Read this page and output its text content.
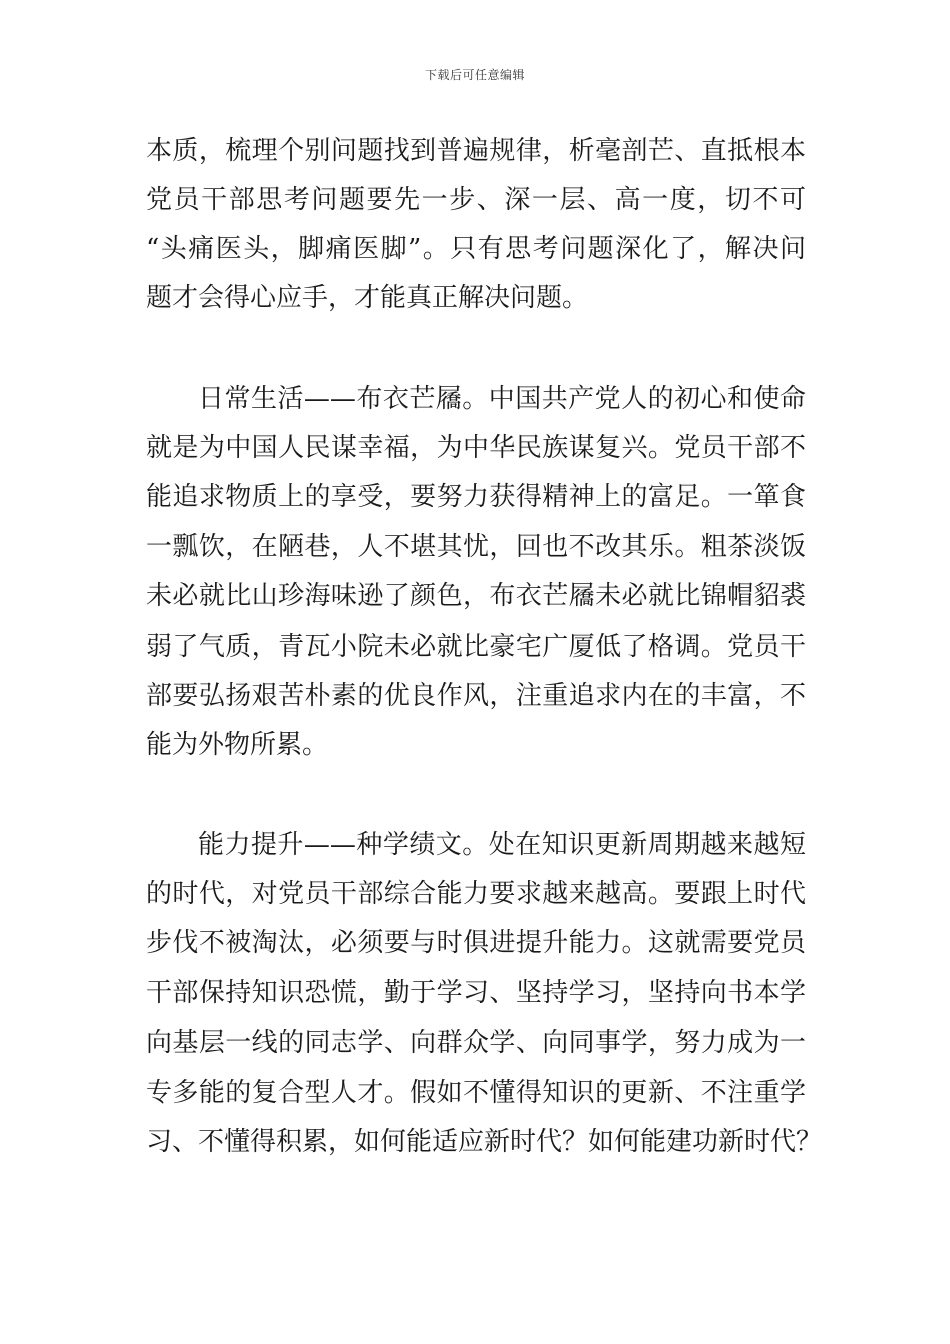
下载后可任意编辑
本质，梳理个别问题找到普遍规律，析毫剖芒、直抵根本
党员干部思考问题要先一步、深一层、高一度，切不可
“头痛医头，脚痛医脚”。只有思考问题深化了，解决问
题才会得心应手，才能真正解决问题。
日常生活——布衣芒屩。中国共产党人的初心和使命
就是为中国人民谋幸福，为中华民族谋复兴。党员干部不
能追求物质上的享受，要努力获得精神上的富足。一箪食
一瓢饮，在陋巷，人不堪其忧，回也不改其乐。粗茶淡饭
未必就比山珍海味逊了颜色，布衣芒屩未必就比锦帽貂裘
弱了气质，青瓦小院未必就比豪宅广厦低了格调。党员干
部要弘扬艰苦朴素的优良作风，注重追求内在的丰富，不
能为外物所累。
能力提升——种学绩文。处在知识更新周期越来越短
的时代，对党员干部综合能力要求越来越高。要跟上时代
步伐不被淘汰，必须要与时俱进提升能力。这就需要党员
干部保持知识恐慌，勤于学习、坚持学习，坚持向书本学
向基层一线的同志学、向群众学、向同事学，努力成为一
专多能的复合型人才。假如不懂得知识的更新、不注重学
习、不懂得积累，如何能适应新时代？如何能建功新时代？
